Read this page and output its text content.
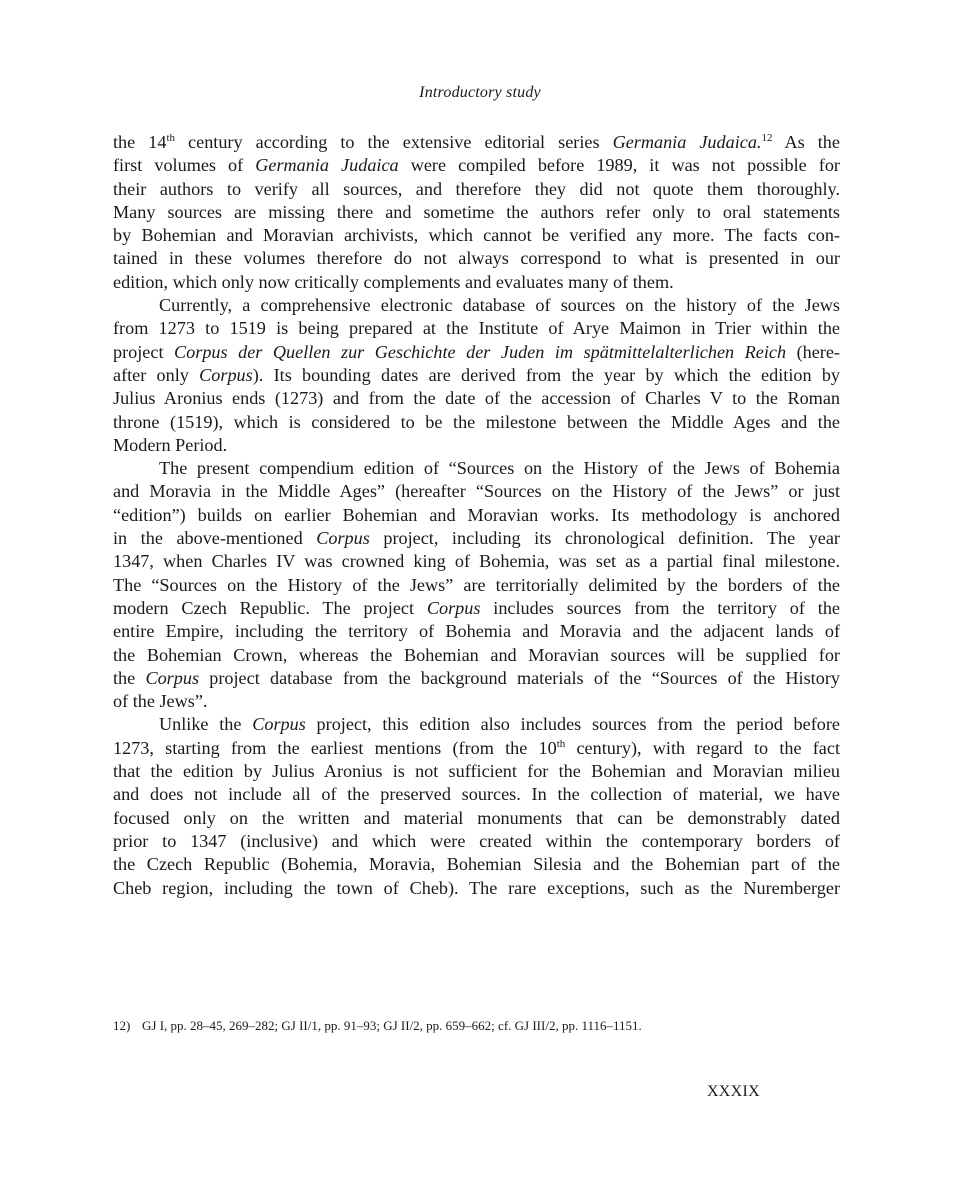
Introductory study
the 14th century according to the extensive editorial series Germania Judaica.$^{12}$ As the
first volumes of Germania Judaica were compiled before 1989, it was not possible for
their authors to verify all sources, and therefore they did not quote them thoroughly.
Many sources are missing there and sometime the authors refer only to oral statements
by Bohemian and Moravian archivists, which cannot be verified any more. The facts con-
tained in these volumes therefore do not always correspond to what is presented in our
edition, which only now critically complements and evaluates many of them.
Currently, a comprehensive electronic database of sources on the history of the Jews
from 1273 to 1519 is being prepared at the Institute of Arye Maimon in Trier within the
project Corpus der Quellen zur Geschichte der Juden im spätmittelalterlichen Reich (here-
after only Corpus). Its bounding dates are derived from the year by which the edition by
Julius Aronius ends (1273) and from the date of the accession of Charles V to the Roman
throne (1519), which is considered to be the milestone between the Middle Ages and the
Modern Period.
The present compendium edition of “Sources on the History of the Jews of Bohemia
and Moravia in the Middle Ages” (hereafter “Sources on the History of the Jews” or just
“edition”) builds on earlier Bohemian and Moravian works. Its methodology is anchored
in the above-mentioned Corpus project, including its chronological definition. The year
1347, when Charles IV was crowned king of Bohemia, was set as a partial final milestone.
The “Sources on the History of the Jews” are territorially delimited by the borders of the
modern Czech Republic. The project Corpus includes sources from the territory of the
entire Empire, including the territory of Bohemia and Moravia and the adjacent lands of
the Bohemian Crown, whereas the Bohemian and Moravian sources will be supplied for
the Corpus project database from the background materials of the “Sources of the History
of the Jews”.
Unlike the Corpus project, this edition also includes sources from the period before
1273, starting from the earliest mentions (from the 10th century), with regard to the fact
that the edition by Julius Aronius is not sufficient for the Bohemian and Moravian milieu
and does not include all of the preserved sources. In the collection of material, we have
focused only on the written and material monuments that can be demonstrably dated
prior to 1347 (inclusive) and which were created within the contemporary borders of
the Czech Republic (Bohemia, Moravia, Bohemian Silesia and the Bohemian part of the
Cheb region, including the town of Cheb). The rare exceptions, such as the Nuremberger
12) GJ I, pp. 28–45, 269–282; GJ II/1, pp. 91–93; GJ II/2, pp. 659–662; cf. GJ III/2, pp. 1116–1151.
XXXIX
